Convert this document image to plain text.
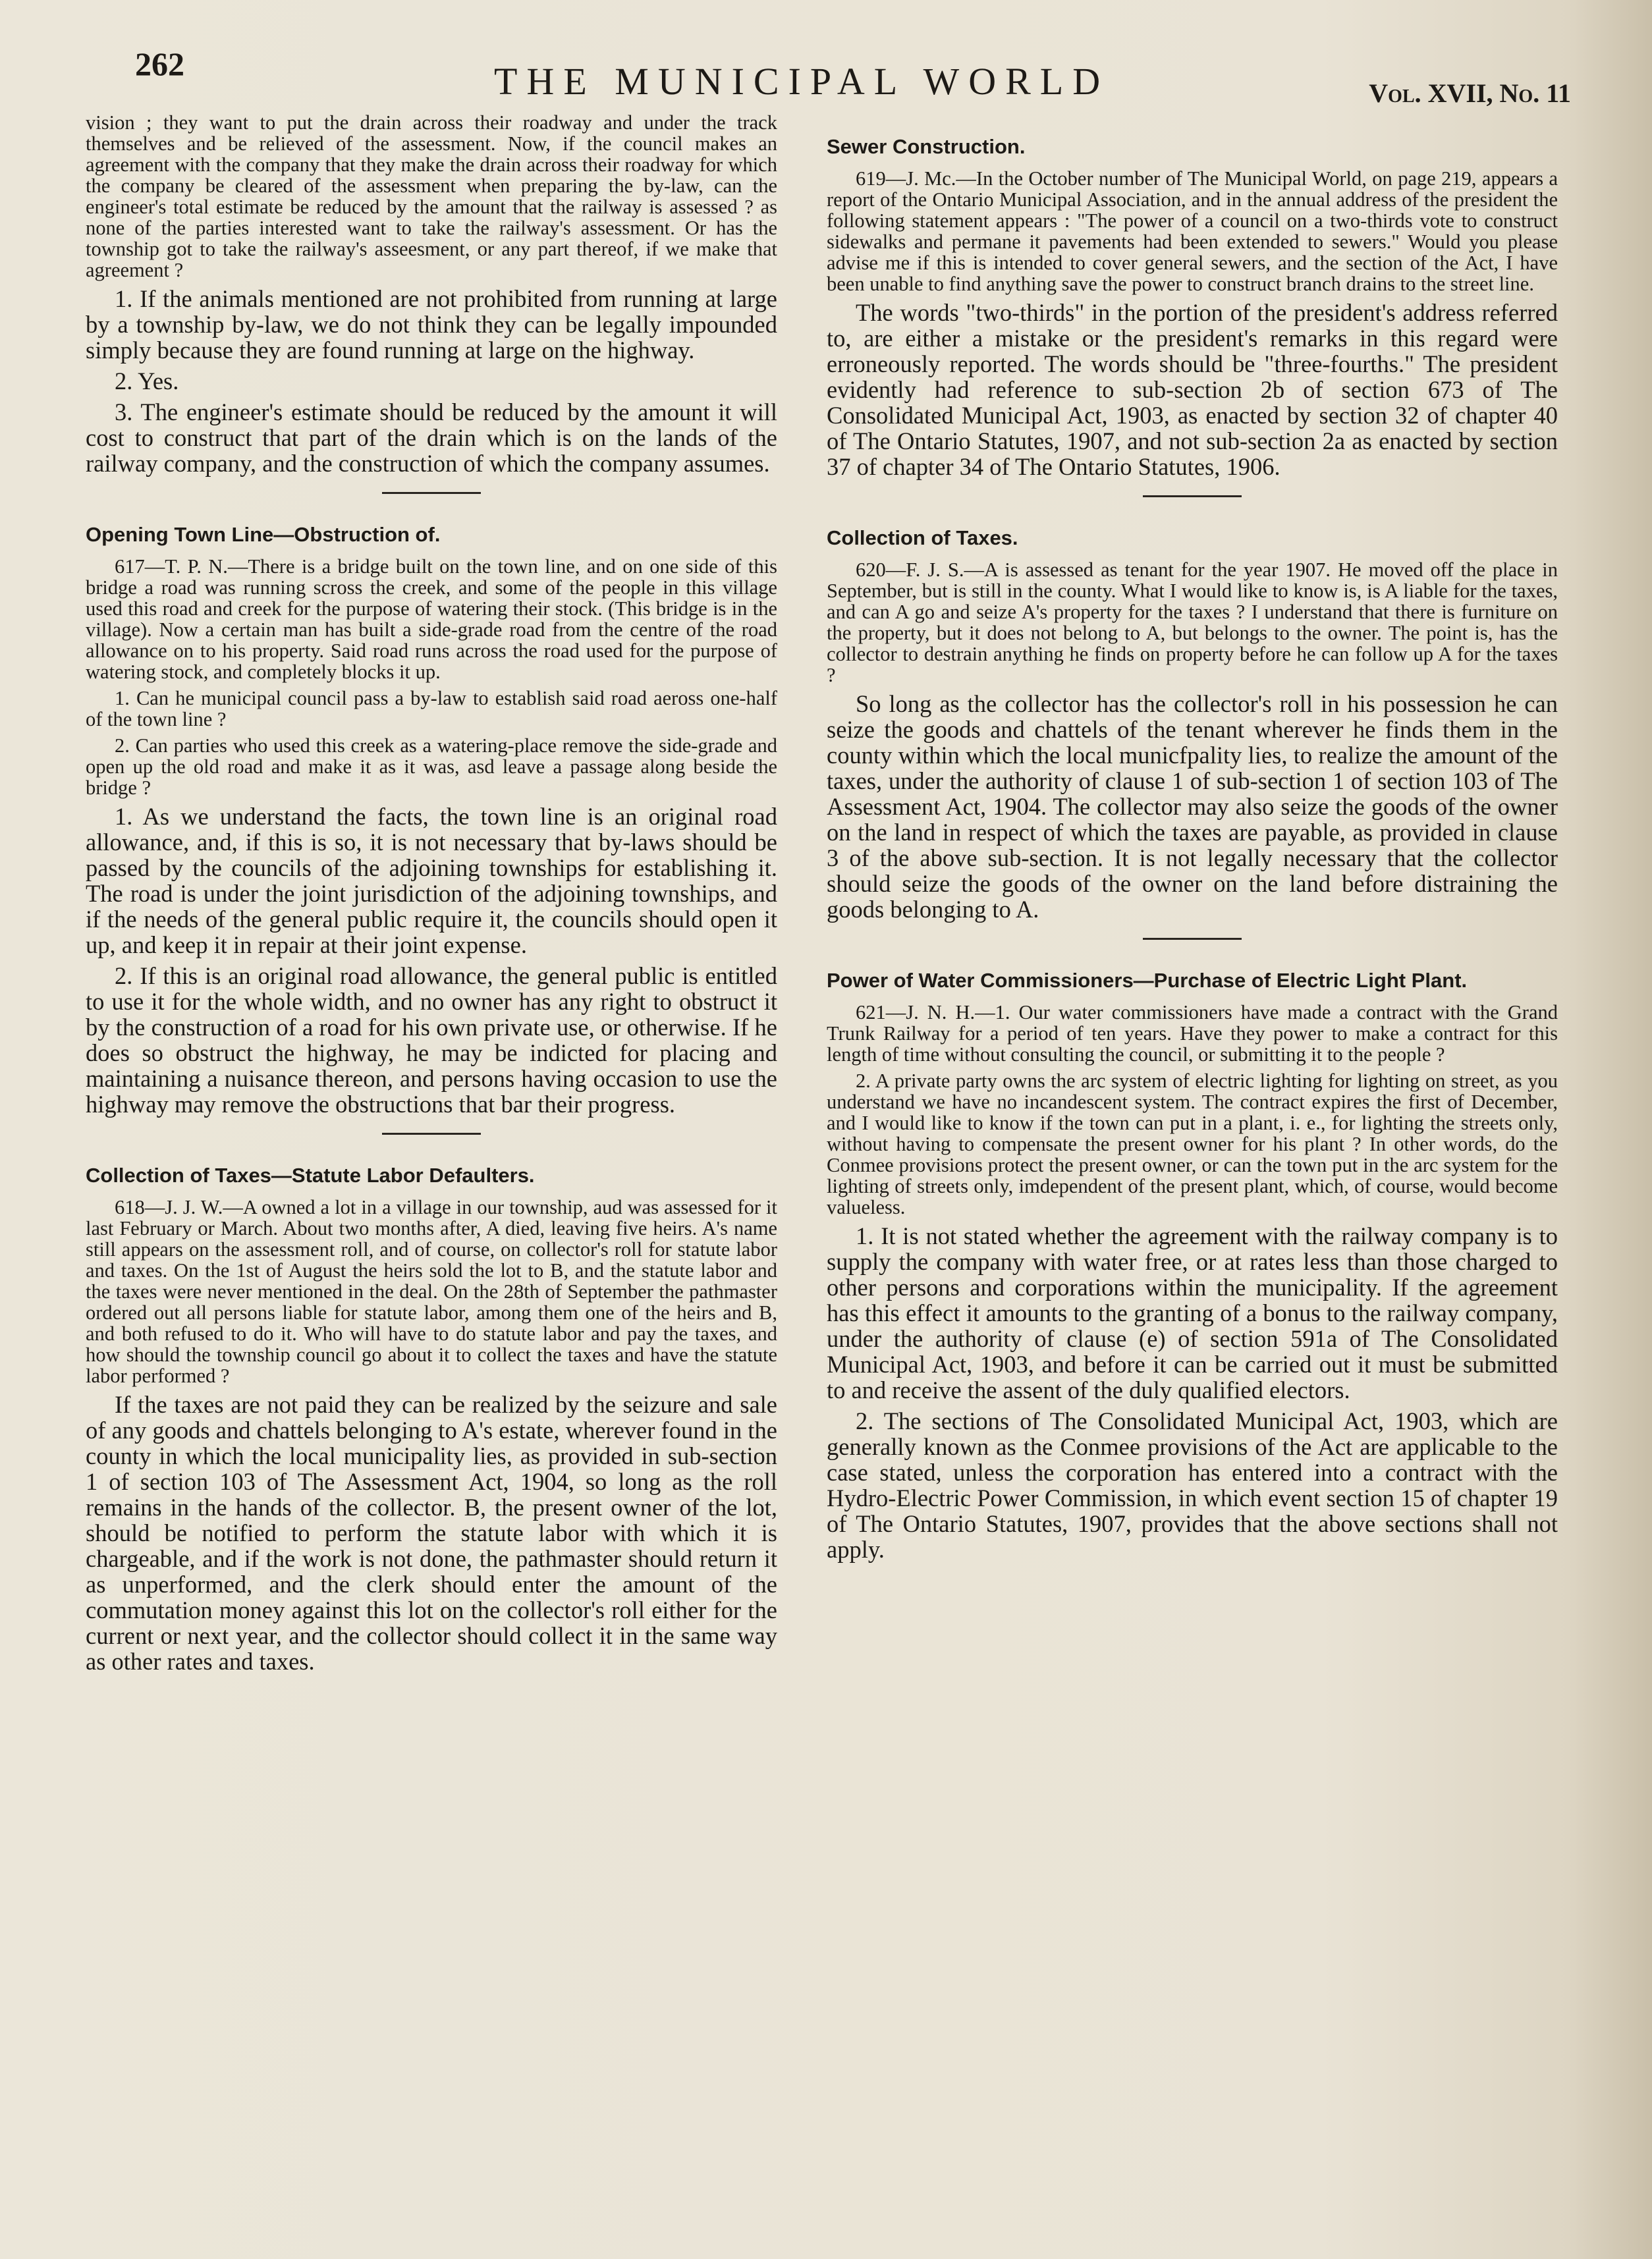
262	THE MUNICIPAL WORLD	Vol. XVII, No. 11

vision ; they want to put the drain across their roadway and under the track themselves and be relieved of the assessment. Now, if the council makes an agreement with the company that they make the drain across their roadway for which the company be cleared of the assessment when preparing the by-law, can the engineer's total estimate be reduced by the amount that the railway is assessed ? as none of the parties interested want to take the railway's assessment. Or has the township got to take the railway's asseesment, or any part thereof, if we make that agreement ?

1. If the animals mentioned are not prohibited from running at large by a township by-law, we do not think they can be legally impounded simply because they are found running at large on the highway.

2. Yes.

3. The engineer's estimate should be reduced by the amount it will cost to construct that part of the drain which is on the lands of the railway company, and the construction of which the company assumes.

Opening Town Line—Obstruction of.

617—T. P. N.—There is a bridge built on the town line, and on one side of this bridge a road was running scross the creek, and some of the people in this village used this road and creek for the purpose of watering their stock. (This bridge is in the village). Now a certain man has built a side-grade road from the centre of the road allowance on to his property. Said road runs across the road used for the purpose of watering stock, and completely blocks it up.

1. Can he municipal council pass a by-law to establish said road aeross one-half of the town line ?

2. Can parties who used this creek as a watering-place remove the side-grade and open up the old road and make it as it was, asd leave a passage along beside the bridge ?

1. As we understand the facts, the town line is an original road allowance, and, if this is so, it is not necessary that by-laws should be passed by the councils of the adjoining townships for establishing it. The road is under the joint jurisdiction of the adjoining townships, and if the needs of the general public require it, the councils should open it up, and keep it in repair at their joint expense.

2. If this is an original road allowance, the general public is entitled to use it for the whole width, and no owner has any right to obstruct it by the construction of a road for his own private use, or otherwise. If he does so obstruct the highway, he may be indicted for placing and maintaining a nuisance thereon, and persons having occasion to use the highway may remove the obstructions that bar their progress.

Collection of Taxes—Statute Labor Defaulters.

618—J. J. W.—A owned a lot in a village in our township, aud was assessed for it last February or March. About two months after, A died, leaving five heirs. A's name still appears on the assessment roll, and of course, on collector's roll for statute labor and taxes. On the 1st of August the heirs sold the lot to B, and the statute labor and the taxes were never mentioned in the deal. On the 28th of September the pathmaster ordered out all persons liable for statute labor, among them one of the heirs and B, and both refused to do it. Who will have to do statute labor and pay the taxes, and how should the township council go about it to collect the taxes and have the statute labor performed ?

If the taxes are not paid they can be realized by the seizure and sale of any goods and chattels belonging to A's estate, wherever found in the county in which the local municipality lies, as provided in sub-section 1 of section 103 of The Assessment Act, 1904, so long as the roll remains in the hands of the collector. B, the present owner of the lot, should be notified to perform the statute labor with which it is chargeable, and if the work is not done, the pathmaster should return it as unperformed, and the clerk should enter the amount of the commutation money against this lot on the collector's roll either for the current or next year, and the collector should collect it in the same way as other rates and taxes.

Sewer Construction.

619—J. Mc.—In the October number of The Municipal World, on page 219, appears a report of the Ontario Municipal Association, and in the annual address of the president the following statement appears : "The power of a council on a two-thirds vote to construct sidewalks and permane it pavements had been extended to sewers." Would you please advise me if this is intended to cover general sewers, and the section of the Act, I have been unable to find anything save the power to construct branch drains to the street line.

The words "two-thirds" in the portion of the president's address referred to, are either a mistake or the president's remarks in this regard were erroneously reported. The words should be "three-fourths." The president evidently had reference to sub-section 2b of section 673 of The Consolidated Municipal Act, 1903, as enacted by section 32 of chapter 40 of The Ontario Statutes, 1907, and not sub-section 2a as enacted by section 37 of chapter 34 of The Ontario Statutes, 1906.

Collection of Taxes.

620—F. J. S.—A is assessed as tenant for the year 1907. He moved off the place in September, but is still in the county. What I would like to know is, is A liable for the taxes, and can A go and seize A's property for the taxes ? I understand that there is furniture on the property, but it does not belong to A, but belongs to the owner. The point is, has the collector to destrain anything he finds on property before he can follow up A for the taxes ?

So long as the collector has the collector's roll in his possession he can seize the goods and chattels of the tenant wherever he finds them in the county within which the local municfpality lies, to realize the amount of the taxes, under the authority of clause 1 of sub-section 1 of section 103 of The Assessment Act, 1904. The collector may also seize the goods of the owner on the land in respect of which the taxes are payable, as provided in clause 3 of the above sub-section. It is not legally necessary that the collector should seize the goods of the owner on the land before distraining the goods belonging to A.

Power of Water Commissioners—Purchase of Electric Light Plant.

621—J. N. H.—1. Our water commissioners have made a contract with the Grand Trunk Railway for a period of ten years. Have they power to make a contract for this length of time without consulting the council, or submitting it to the people ?

2. A private party owns the arc system of electric lighting for lighting on street, as you understand we have no incandescent system. The contract expires the first of December, and I would like to know if the town can put in a plant, i. e., for lighting the streets only, without having to compensate the present owner for his plant ? In other words, do the Conmee provisions protect the present owner, or can the town put in the arc system for the lighting of streets only, imdependent of the present plant, which, of course, would become valueless.

1. It is not stated whether the agreement with the railway company is to supply the company with water free, or at rates less than those charged to other persons and corporations within the municipality. If the agreement has this effect it amounts to the granting of a bonus to the railway company, under the authority of clause (e) of section 591a of The Consolidated Municipal Act, 1903, and before it can be carried out it must be submitted to and receive the assent of the duly qualified electors.

2. The sections of The Consolidated Municipal Act, 1903, which are generally known as the Conmee provisions of the Act are applicable to the case stated, unless the corporation has entered into a contract with the Hydro-Electric Power Commission, in which event section 15 of chapter 19 of The Ontario Statutes, 1907, provides that the above sections shall not apply.
